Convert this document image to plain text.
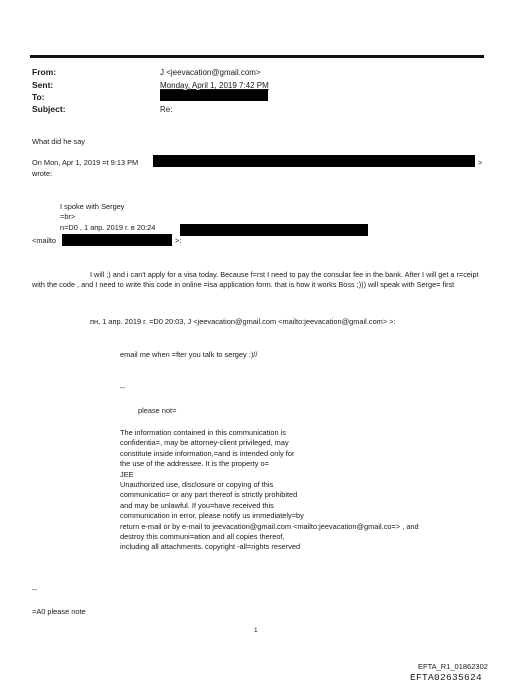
From:	J <jeevacation@gmail.com>
Sent:	Monday, April 1, 2019 7:42 PM
To:
Subject:	Re:
What did he say
On Mon, Apr 1, 2019 =t 9:13 PM	>
wrote:
I spoke with Sergey
=br>
n=D0 , 1 апр. 2019 г. в 20:24
<mailto	>:
I will ;) and i can't apply for a visa today. Because f=rst I need to pay the consular fee in the bank. After I will get a r=ceipt with the code , and I need to write this code in online =isa application form. that is how it works Boss ;))) will speak with Serge= first
пн, 1 апр. 2019 г. =D0 20:03, J <jeevacation@gmail.com <mailto:jeevacation@gmail.com> >:
email me when =fter you talk to sergey :)//
--
please not=
The information contained in this communication is
confidentia=, may be attorney-client privileged, may
constitute inside information,=and is intended only for
the use of the addressee. It is the property o=
JEE
Unauthorized use, disclosure or copying of this
communicatio= or any part thereof is strictly prohibited
and may be unlawful. If you=have received this
communication in error, please notify us immediately=by
return e-mail or by e-mail to jeevacation@gmail.com <mailto:jeevacation@gmail.co=> , and
destroy this communi=ation and all copies thereof,
including all attachments. copyright -all=rights reserved
--
=A0 please note
1
EFTA_R1_01862302
EFTA02635624
